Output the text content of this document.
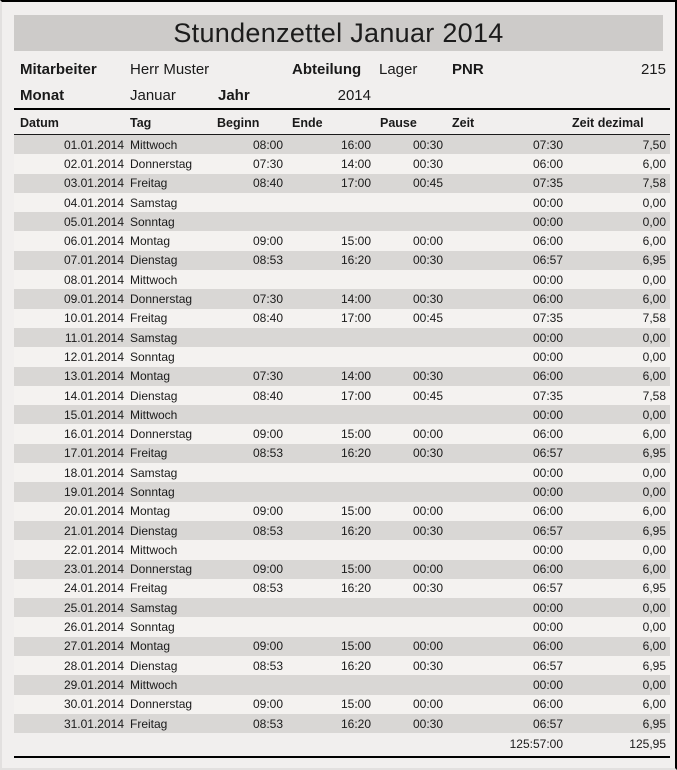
Stundenzettel Januar 2014
Mitarbeiter	Herr Muster		Abteilung	Lager	PNR	215
Monat	Januar	Jahr	2014			
Datum	Tag	Beginn	Ende	Pause	Zeit	Zeit dezimal
01.01.2014	Mittwoch	08:00	16:00	00:30	07:30	7,50
02.01.2014	Donnerstag	07:30	14:00	00:30	06:00	6,00
03.01.2014	Freitag	08:40	17:00	00:45	07:35	7,58
04.01.2014	Samstag				00:00	0,00
05.01.2014	Sonntag				00:00	0,00
06.01.2014	Montag	09:00	15:00	00:00	06:00	6,00
07.01.2014	Dienstag	08:53	16:20	00:30	06:57	6,95
08.01.2014	Mittwoch				00:00	0,00
09.01.2014	Donnerstag	07:30	14:00	00:30	06:00	6,00
10.01.2014	Freitag	08:40	17:00	00:45	07:35	7,58
11.01.2014	Samstag				00:00	0,00
12.01.2014	Sonntag				00:00	0,00
13.01.2014	Montag	07:30	14:00	00:30	06:00	6,00
14.01.2014	Dienstag	08:40	17:00	00:45	07:35	7,58
15.01.2014	Mittwoch				00:00	0,00
16.01.2014	Donnerstag	09:00	15:00	00:00	06:00	6,00
17.01.2014	Freitag	08:53	16:20	00:30	06:57	6,95
18.01.2014	Samstag				00:00	0,00
19.01.2014	Sonntag				00:00	0,00
20.01.2014	Montag	09:00	15:00	00:00	06:00	6,00
21.01.2014	Dienstag	08:53	16:20	00:30	06:57	6,95
22.01.2014	Mittwoch				00:00	0,00
23.01.2014	Donnerstag	09:00	15:00	00:00	06:00	6,00
24.01.2014	Freitag	08:53	16:20	00:30	06:57	6,95
25.01.2014	Samstag				00:00	0,00
26.01.2014	Sonntag				00:00	0,00
27.01.2014	Montag	09:00	15:00	00:00	06:00	6,00
28.01.2014	Dienstag	08:53	16:20	00:30	06:57	6,95
29.01.2014	Mittwoch				00:00	0,00
30.01.2014	Donnerstag	09:00	15:00	00:00	06:00	6,00
31.01.2014	Freitag	08:53	16:20	00:30	06:57	6,95
					125:57:00	125,95
